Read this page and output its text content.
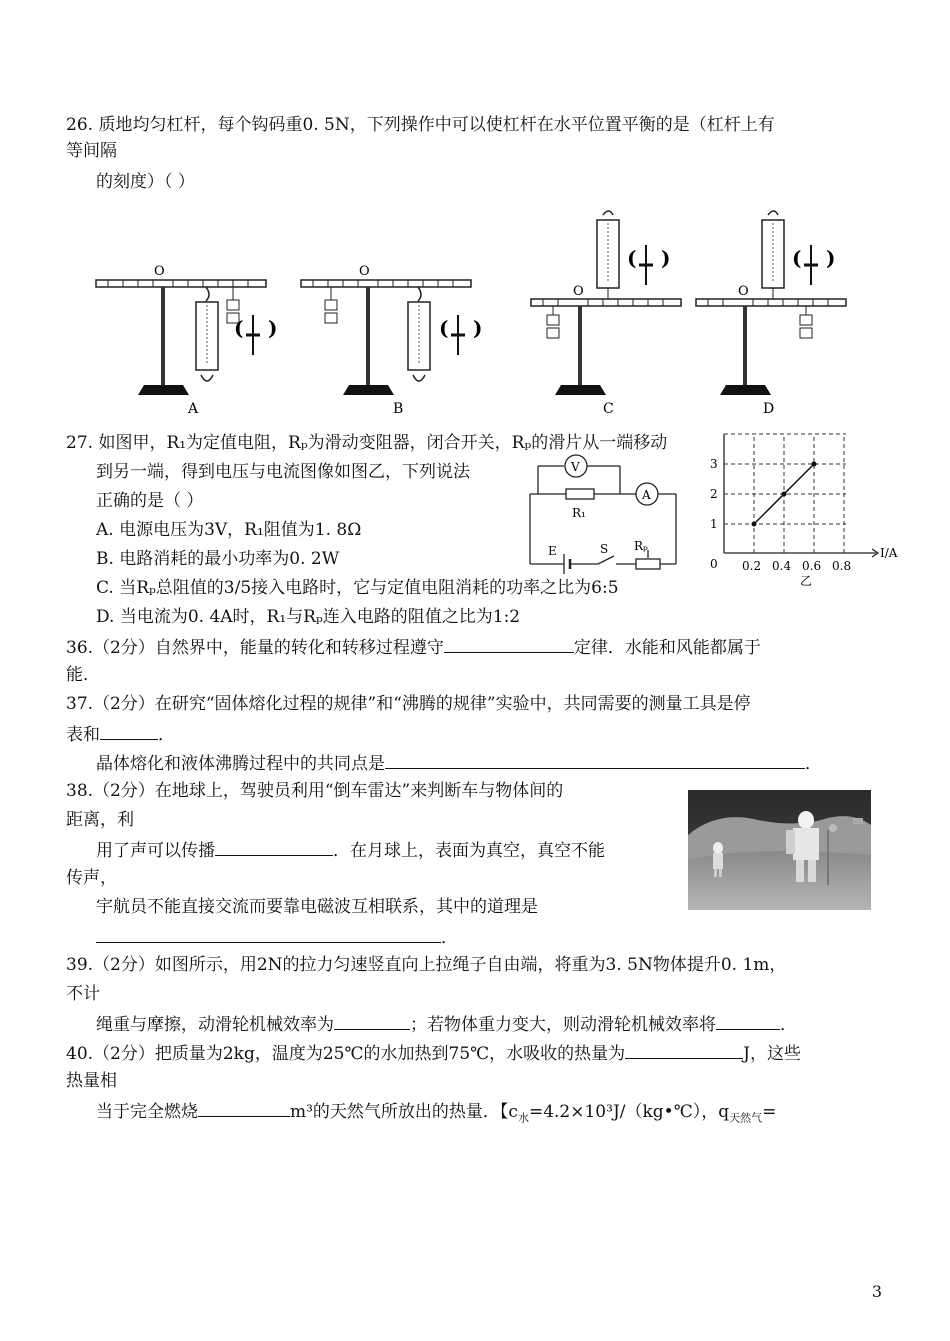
26. 质地均匀杠杆，每个钩码重0. 5N，下列操作中可以使杠杆在水平位置平衡的是（杠杆上有
等间隔
的刻度）（ ）
O
( )
A
O
( )
B
O
( )
C
O
( )
D
27. 如图甲，R₁为定值电阻，Rₚ为滑动变阻器，闭合开关，Rₚ的滑片从一端移动
到另一端，得到电压与电流图像如图乙，下列说法
正确的是（ ）
A. 电源电压为3V，R₁阻值为1. 8Ω
B. 电路消耗的最小功率为0. 2W
C. 当Rₚ总阻值的3/5接入电路时，它与定值电阻消耗的功率之比为6:5
D. 当电流为0. 4A时，R₁与Rₚ连入电路的阻值之比为1:2
V
A
R₁
E	S Rₚ
3
2
1
0 0.2 0.4 0.6 0.8
I/A
乙
36.（2分）自然界中，能量的转化和转移过程遵守	定律．水能和风能都属于
能．
37.（2分）在研究“固体熔化过程的规律”和“沸腾的规律”实验中，共同需要的测量工具是停
表和	．
晶体熔化和液体沸腾过程中的共同点是	．
38.（2分）在地球上，驾驶员利用“倒车雷达”来判断车与物体间的
距离，利
用了声可以传播	．在月球上，表面为真空，真空不能
传声，
宇航员不能直接交流而要靠电磁波互相联系，其中的道理是
．
39.（2分）如图所示，用2N的拉力匀速竖直向上拉绳子自由端，将重为3. 5N物体提升0. 1m，
不计
绳重与摩擦，动滑轮机械效率为	；若物体重力变大，则动滑轮机械效率将	．
40.（2分）把质量为2kg，温度为25℃的水加热到75℃，水吸收的热量为	J，这些
热量相
当于完全燃烧	m³的天然气所放出的热量．【$c_水=4.2\times 10^3J/(kg•℃)$，$q_{天然气}=$
3
